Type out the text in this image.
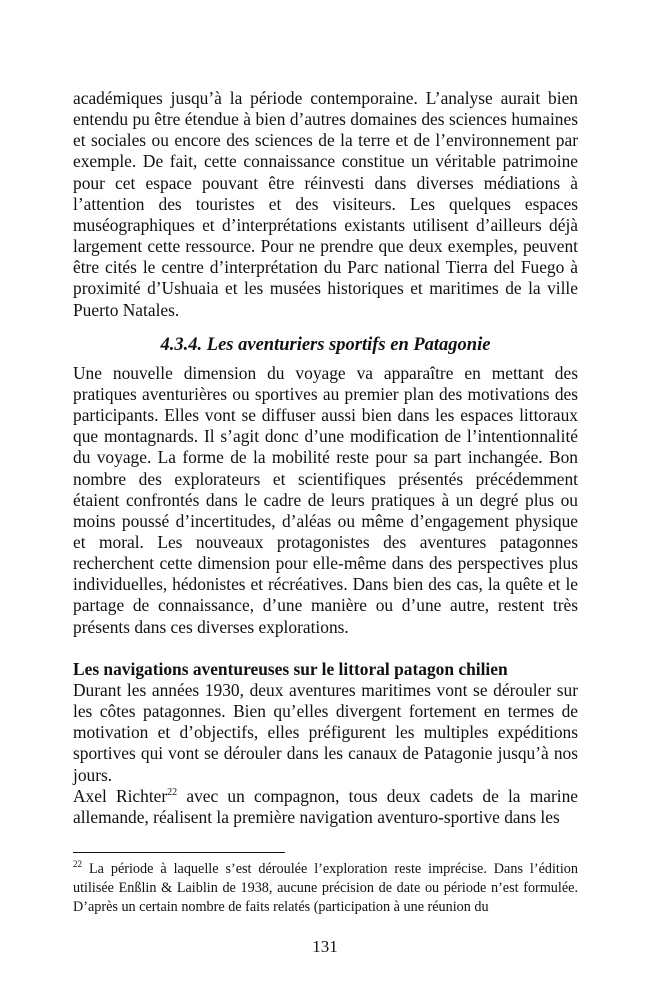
académiques jusqu’à la période contemporaine. L’analyse aurait bien entendu pu être étendue à bien d’autres domaines des sciences humaines et sociales ou encore des sciences de la terre et de l’environnement par exemple. De fait, cette connaissance constitue un véritable patrimoine pour cet espace pouvant être réinvesti dans diverses médiations à l’attention des touristes et des visiteurs. Les quelques espaces muséographiques et d’interprétations existants utilisent d’ailleurs déjà largement cette ressource. Pour ne prendre que deux exemples, peuvent être cités le centre d’interprétation du Parc national Tierra del Fuego à proximité d’Ushuaia et les musées historiques et maritimes de la ville Puerto Natales.

4.3.4. Les aventuriers sportifs en Patagonie

Une nouvelle dimension du voyage va apparaître en mettant des pratiques aventurières ou sportives au premier plan des motivations des participants. Elles vont se diffuser aussi bien dans les espaces littoraux que montagnards. Il s’agit donc d’une modification de l’intentionnalité du voyage. La forme de la mobilité reste pour sa part inchangée. Bon nombre des explorateurs et scientifiques présentés précédemment étaient confrontés dans le cadre de leurs pratiques à un degré plus ou moins poussé d’incertitudes, d’aléas ou même d’engagement physique et moral. Les nouveaux protagonistes des aventures patagonnes recherchent cette dimension pour elle-même dans des perspectives plus individuelles, hédonistes et récréatives. Dans bien des cas, la quête et le partage de connaissance, d’une manière ou d’une autre, restent très présents dans ces diverses explorations.

Les navigations aventureuses sur le littoral patagon chilien

Durant les années 1930, deux aventures maritimes vont se dérouler sur les côtes patagonnes. Bien qu’elles divergent fortement en termes de motivation et d’objectifs, elles préfigurent les multiples expéditions sportives qui vont se dérouler dans les canaux de Patagonie jusqu’à nos jours.

Axel Richter$^{22}$ avec un compagnon, tous deux cadets de la marine allemande, réalisent la première navigation aventuro-sportive dans les

$^{22}$ La période à laquelle s’est déroulée l’exploration reste imprécise. Dans l’édition utilisée Enßlin & Laiblin de 1938, aucune précision de date ou période n’est formulée. D’après un certain nombre de faits relatés (participation à une réunion du

131
